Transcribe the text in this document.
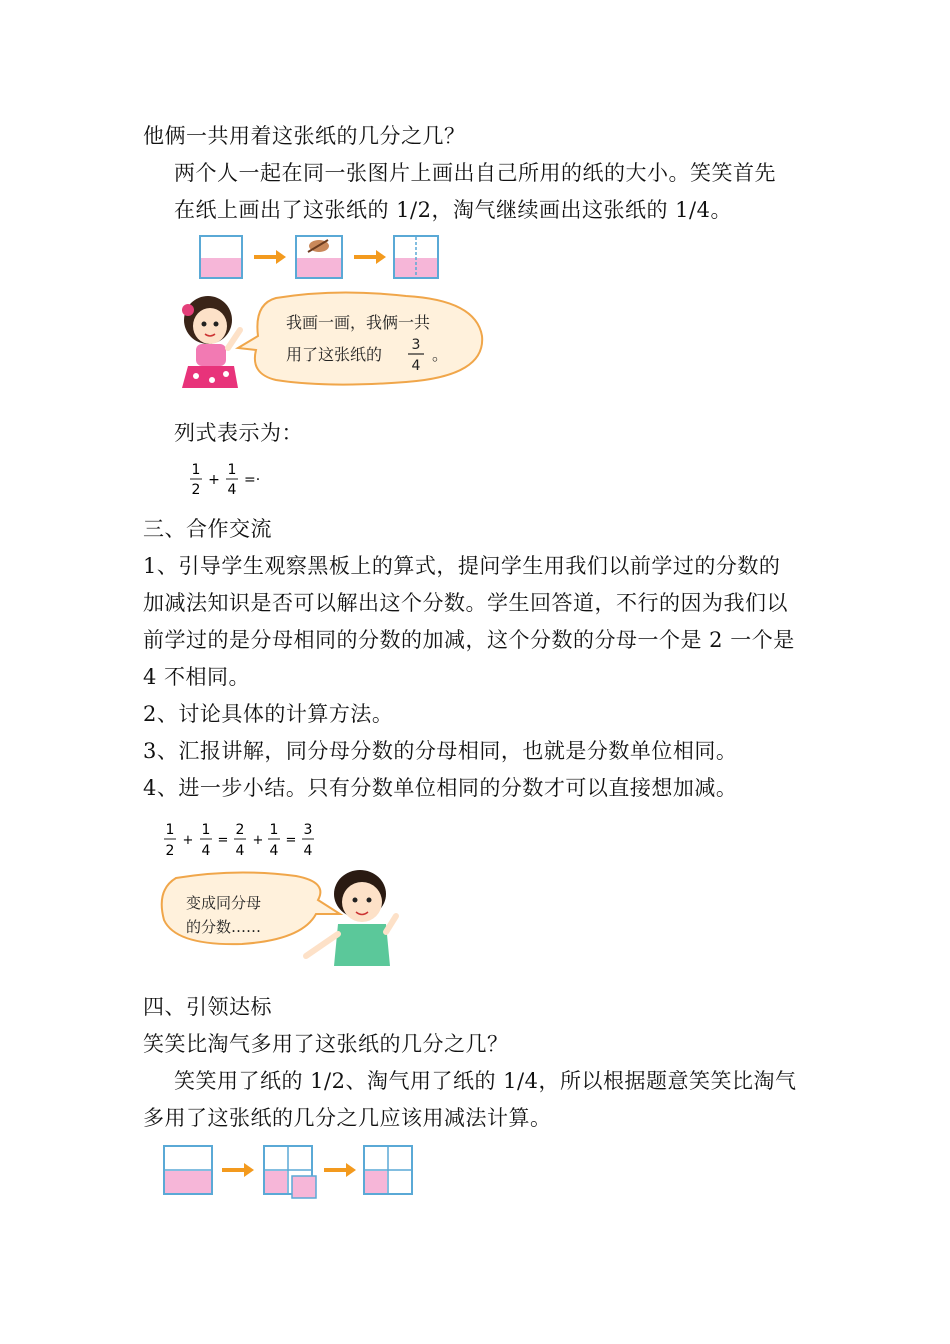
他俩一共用着这张纸的几分之几？
两个人一起在同一张图片上画出自己所用的纸的大小。笑笑首先
在纸上画出了这张纸的 1/2，淘气继续画出这张纸的 1/4。
我画一画，我俩一共
用了这张纸的 3
4
。
列式表示为：
1
2
+
1
4
=·
三、合作交流
1、引导学生观察黑板上的算式，提问学生用我们以前学过的分数的
加减法知识是否可以解出这个分数。学生回答道，不行的因为我们以
前学过的是分母相同的分数的加减，这个分数的分母一个是 2 一个是
4 不相同。
2、讨论具体的计算方法。
3、汇报讲解，同分母分数的分母相同，也就是分数单位相同。
4、进一步小结。只有分数单位相同的分数才可以直接想加减。
1
2
+
1
4
=
2
4
+
1
4
=
3
4
变成同分母
的分数……
四、引领达标
笑笑比淘气多用了这张纸的几分之几？
笑笑用了纸的 1/2、淘气用了纸的 1/4，所以根据题意笑笑比淘气
多用了这张纸的几分之几应该用减法计算。
